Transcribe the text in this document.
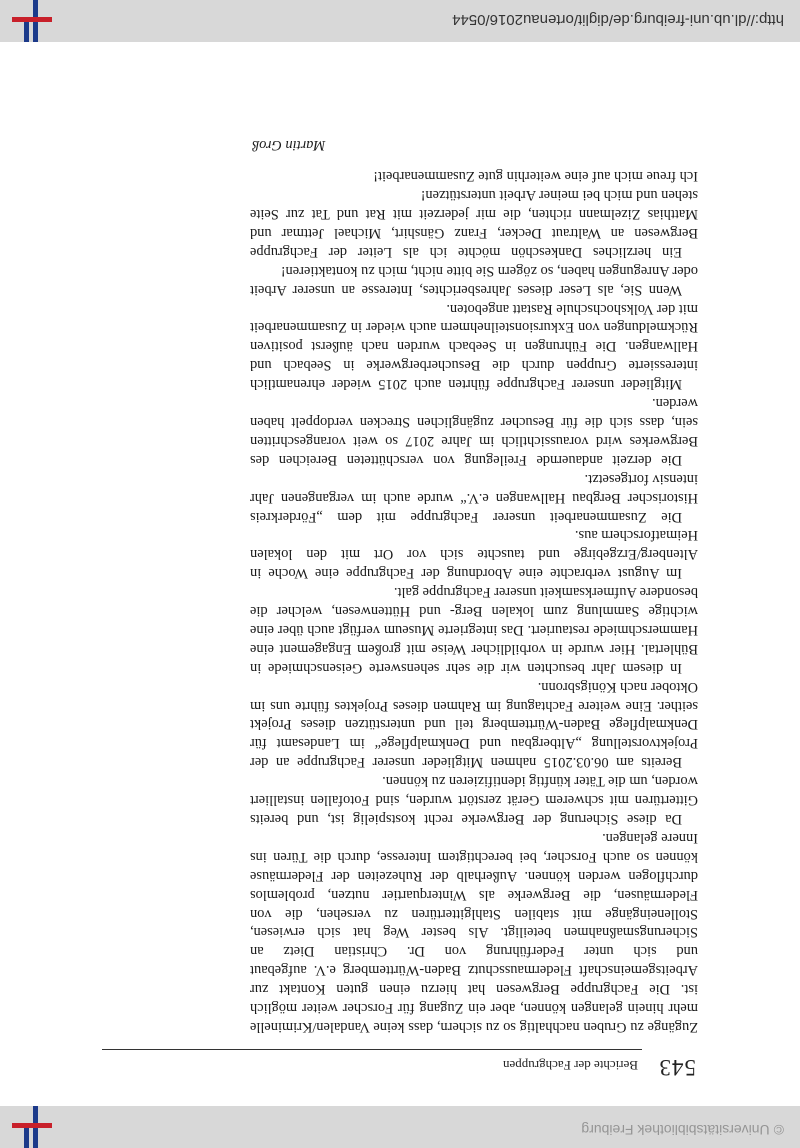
©Universitätsbibliothek Freiburg
543
Berichte der Fachgruppen

Zugänge zu Gruben nachhaltig so zu sichern, dass keine Vandalen/Kriminelle mehr hinein gelangen können, aber ein Zugang für Forscher weiter möglich ist. Die Fachgruppe Bergwesen hat hierzu einen guten Kontakt zur Arbeitsgemeinschaft Fledermausschutz Baden-Württemberg e.V. aufgebaut und sich unter Federführung von Dr. Christian Dietz an Sicherungsmaßnahmen beteiligt. Als bester Weg hat sich erwiesen, Stolleneingänge mit stabilen Stahlgittertüren zu versehen, die von Fledermäusen, die Bergwerke als Winterquartier nutzen, problemlos durchflogen werden können. Außerhalb der Ruhezeiten der Fledermäuse können so auch Forscher, bei berechtigtem Interesse, durch die Türen ins Innere gelangen.

Da diese Sicherung der Bergwerke recht kostspielig ist, und bereits Gittertüren mit schwerem Gerät zerstört wurden, sind Fotofallen installiert worden, um die Täter künftig identifizieren zu können.

Bereits am 06.03.2015 nahmen Mitglieder unserer Fachgruppe an der Projektvorstellung „Altbergbau und Denkmalpflege“ im Landesamt für Denkmalpflege Baden-Württemberg teil und unterstützen dieses Projekt seither. Eine weitere Fachtagung im Rahmen dieses Projektes führte uns im Oktober nach Königsbronn.

In diesem Jahr besuchten wir die sehr sehenswerte Geisenschmiede in Bühlertal. Hier wurde in vorbildlicher Weise mit großem Engagement eine Hammerschmiede restauriert. Das integrierte Museum verfügt auch über eine wichtige Sammlung zum lokalen Berg- und Hüttenwesen, welcher die besondere Aufmerksamkeit unserer Fachgruppe galt.

Im August verbrachte eine Abordnung der Fachgruppe eine Woche in Altenberg/Erzgebirge und tauschte sich vor Ort mit den lokalen Heimatforschern aus.

Die Zusammenarbeit unserer Fachgruppe mit dem „Förderkreis Historischer Bergbau Hallwangen e.V.“ wurde auch im vergangenen Jahr intensiv fortgesetzt.

Die derzeit andauernde Freilegung von verschütteten Bereichen des Bergwerkes wird voraussichtlich im Jahre 2017 so weit vorangeschritten sein, dass sich die für Besucher zugänglichen Strecken verdoppelt haben werden.

Mitglieder unserer Fachgruppe führten auch 2015 wieder ehrenamtlich interessierte Gruppen durch die Besucherbergwerke in Seebach und Hallwangen. Die Führungen in Seebach wurden nach äußerst positiven Rückmeldungen von Exkursionsteilnehmern auch wieder in Zusammenarbeit mit der Volkshochschule Rastatt angeboten.

Wenn Sie, als Leser dieses Jahresberichtes, Interesse an unserer Arbeit oder Anregungen haben, so zögern Sie bitte nicht, mich zu kontaktieren!

Ein herzliches Dankeschön möchte ich als Leiter der Fachgruppe Bergwesen an Waltraut Decker, Franz Gänshirt, Michael Jettmar und Matthias Zizelmann richten, die mir jederzeit mit Rat und Tat zur Seite stehen und mich bei meiner Arbeit unterstützen!

Ich freue mich auf eine weiterhin gute Zusammenarbeit!

Martin Groß
http://dl.ub.uni-freiburg.de/diglit/ortenau2016/0544
